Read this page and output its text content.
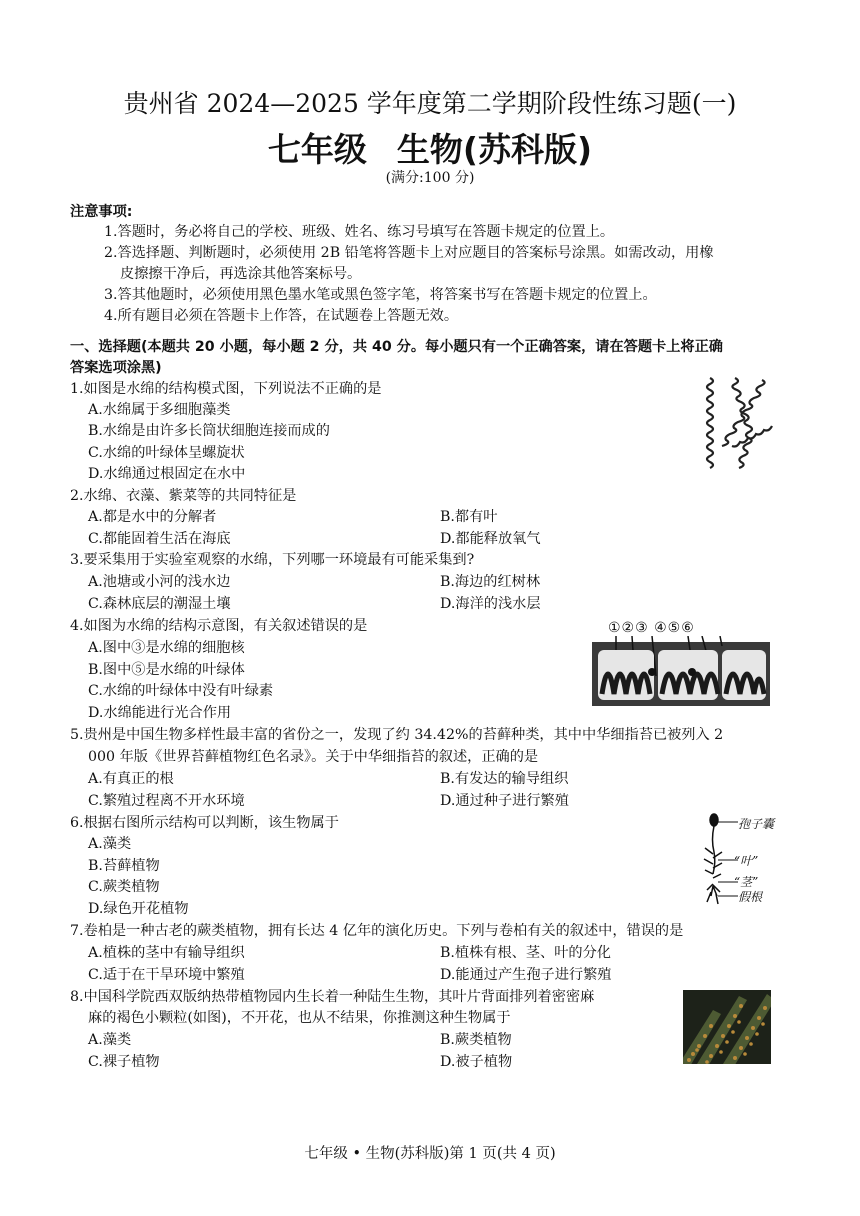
贵州省 2024—2025 学年度第二学期阶段性练习题(一)
七年级 生物(苏科版)
(满分:100 分)
注意事项:
1.答题时，务必将自己的学校、班级、姓名、练习号填写在答题卡规定的位置上。
2.答选择题、判断题时，必须使用 2B 铅笔将答题卡上对应题目的答案标号涂黑。如需改动，用橡
皮擦擦干净后，再选涂其他答案标号。
3.答其他题时，必须使用黑色墨水笔或黑色签字笔，将答案书写在答题卡规定的位置上。
4.所有题目必须在答题卡上作答，在试题卷上答题无效。
一、选择题(本题共 20 小题，每小题 2 分，共 40 分。每小题只有一个正确答案，请在答题卡上将正确
答案选项涂黑)
1.如图是水绵的结构模式图，下列说法不正确的是
A.水绵属于多细胞藻类
B.水绵是由许多长筒状细胞连接而成的
C.水绵的叶绿体呈螺旋状
D.水绵通过根固定在水中
2.水绵、衣藻、紫菜等的共同特征是
A.都是水中的分解者	B.都有叶
C.都能固着生活在海底	D.都能释放氧气
3.要采集用于实验室观察的水绵，下列哪一环境最有可能采集到?
A.池塘或小河的浅水边	B.海边的红树林
C.森林底层的潮湿土壤	D.海洋的浅水层
4.如图为水绵的结构示意图，有关叙述错误的是
A.图中③是水绵的细胞核
B.图中⑤是水绵的叶绿体
C.水绵的叶绿体中没有叶绿素
D.水绵能进行光合作用
①②③ ④⑤⑥
5.贵州是中国生物多样性最丰富的省份之一，发现了约 34.42%的苔藓种类，其中中华细指苔已被列入 2
000 年版《世界苔藓植物红色名录》。关于中华细指苔的叙述，正确的是
A.有真正的根	B.有发达的输导组织
C.繁殖过程离不开水环境	D.通过种子进行繁殖
6.根据右图所示结构可以判断，该生物属于
A.藻类
B.苔藓植物
C.蕨类植物
D.绿色开花植物
孢子囊
“叶”
“茎”
假根
7.卷柏是一种古老的蕨类植物，拥有长达 4 亿年的演化历史。下列与卷柏有关的叙述中，错误的是
A.植株的茎中有输导组织	B.植株有根、茎、叶的分化
C.适于在干旱环境中繁殖	D.能通过产生孢子进行繁殖
8.中国科学院西双版纳热带植物园内生长着一种陆生生物，其叶片背面排列着密密麻
麻的褐色小颗粒(如图)，不开花，也从不结果，你推测这种生物属于
A.藻类	B.蕨类植物
C.裸子植物	D.被子植物
七年级 • 生物(苏科版)第 1 页(共 4 页)
